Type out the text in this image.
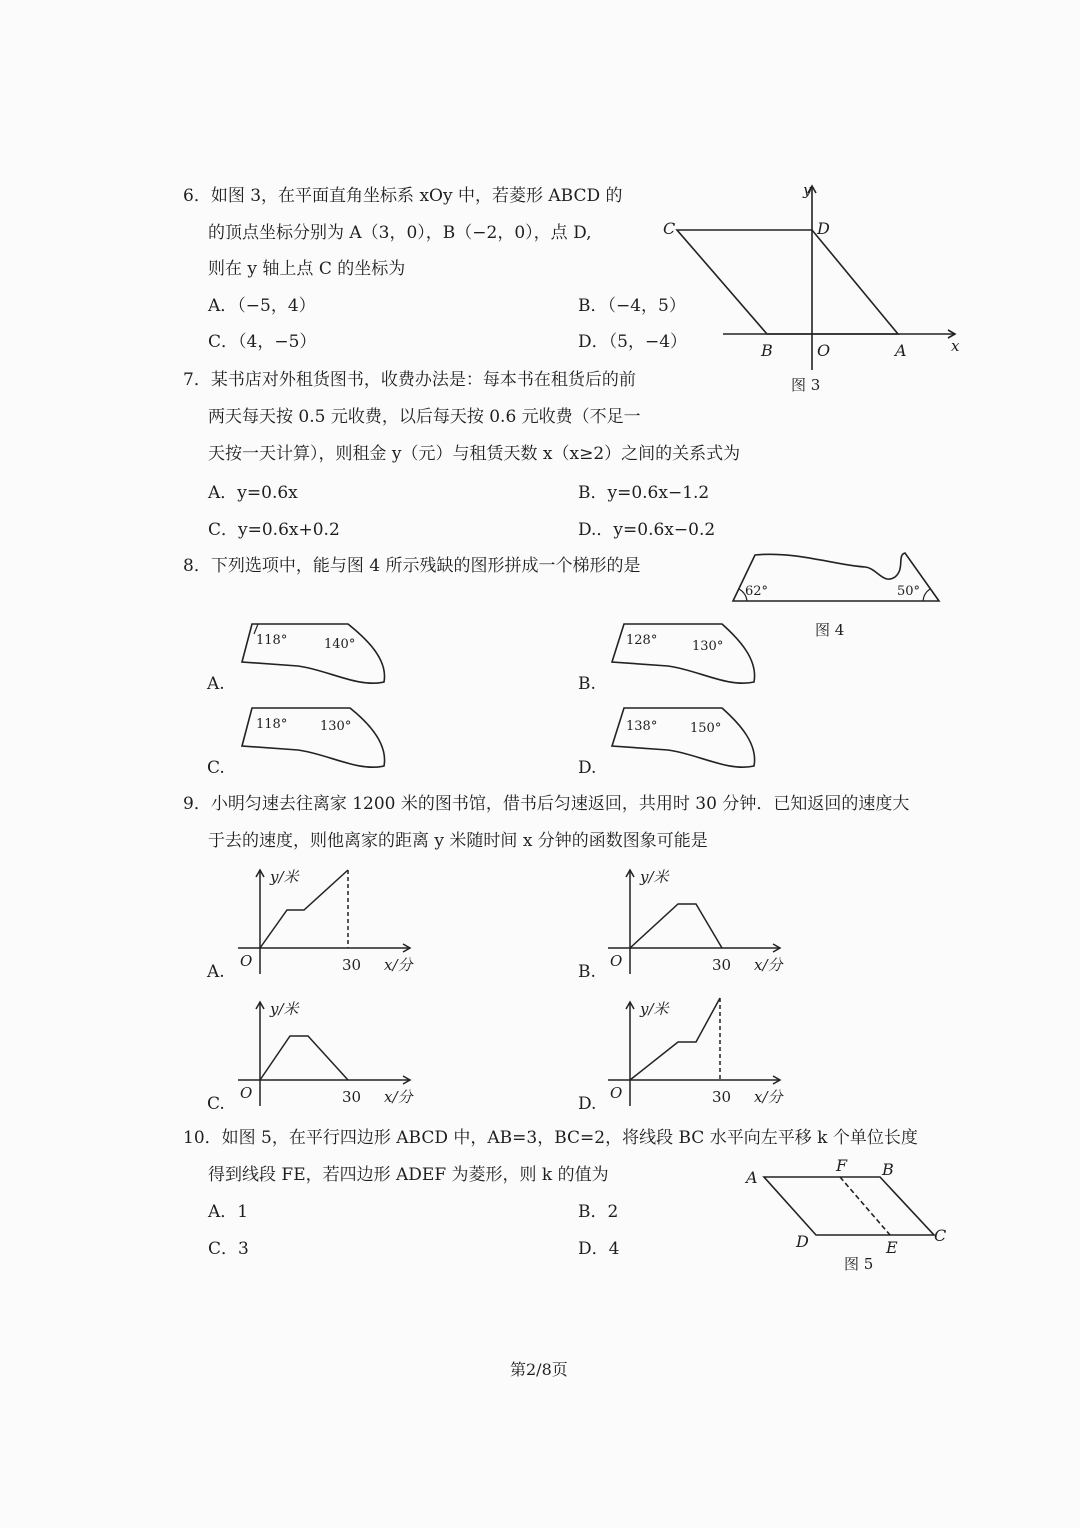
6．如图 3，在平面直角坐标系 xOy 中，若菱形 ABCD 的
的顶点坐标分别为 A（3，0），B（−2，0），点 D,
则在 y 轴上点 C 的坐标为
A．（−5，4）	B．（−4，5）
C．（4，−5）	D．（5，−4）
y
x
C	D
B	O	A
图 3
7．某书店对外租货图书，收费办法是：每本书在租货后的前
两天每天按 0.5 元收费，以后每天按 0.6 元收费（不足一
天按一天计算），则租金 y（元）与租赁天数 x（x≥2）之间的关系式为
A．y=0.6x	B．y=0.6x−1.2
C．y=0.6x+0.2	D.．y=0.6x−0.2
8．下列选项中，能与图 4 所示残缺的图形拼成一个梯形的是
62°	50°
图 4
A.
118°	140°
B.
128°	130°
C.
118°	130°
D.
138°	150°
9．小明匀速去往离家 1200 米的图书馆，借书后匀速返回，共用时 30 分钟．已知返回的速度大
于去的速度，则他离家的距离 y 米随时间 x 分钟的函数图象可能是
A.
y/米
O	30 x/分	B.
y/米
O	30 x/分
C.
y/米
O	30 x/分	D.
y/米
O	30 x/分
10．如图 5，在平行四边形 ABCD 中，AB=3，BC=2，将线段 BC 水平向左平移 k 个单位长度
得到线段 FE，若四边形 ADEF 为菱形，则 k 的值为
A．1	B．2
C．3	D．4
A
F B
D	E
C
图 5
第2/8页
